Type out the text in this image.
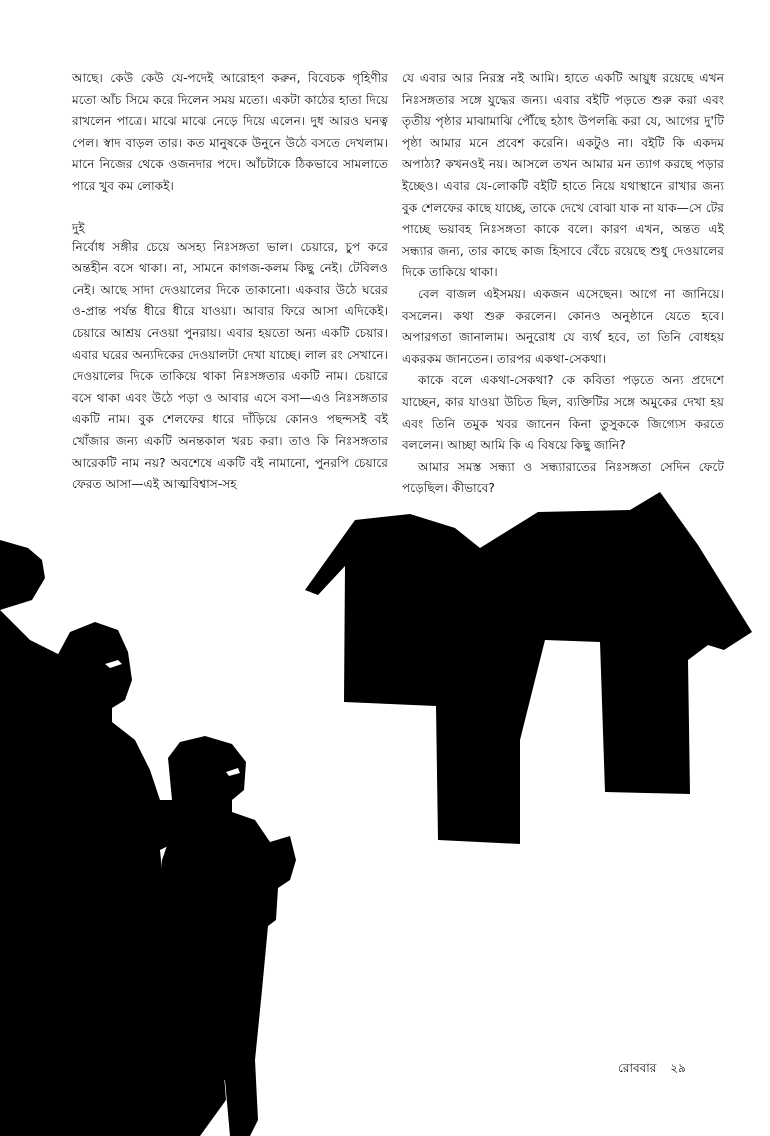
আছে। কেউ কেউ যে-পদেই আরোহণ করুন, বিবেচক গৃহিণীর মতো আঁচ সিমে করে দিলেন সময় মতো। একটা কাঠের হাতা দিয়ে রাখলেন পাত্রে। মাঝে মাঝে নেড়ে দিয়ে এলেন। দুধ আরও ঘনত্ব পেল। স্বাদ বাড়ল তার। কত মানুষকে উনুনে উঠে বসতে দেখলাম। মানে নিজের থেকে ওজনদার পদে। আঁচটাকে ঠিকভাবে সামলাতে পারে খুব কম লোকই।

দুই

নির্বোধ সঙ্গীর চেয়ে অসহ্য নিঃসঙ্গতা ভাল। চেয়ারে, চুপ করে অন্তহীন বসে থাকা। না, সামনে কাগজ-কলম কিছু নেই। টেবিলও নেই। আছে সাদা দেওয়ালের দিকে তাকানো। একবার উঠে ঘরের ও-প্রান্ত পর্যন্ত ধীরে ধীরে যাওয়া। আবার ফিরে আসা এদিকেই। চেয়ারে আশ্রয় নেওয়া পুনরায়। এবার হয়তো অন্য একটি চেয়ার। এবার ঘরের অন্যদিকের দেওয়ালটা দেখা যাচ্ছে। লাল রং সেখানে। দেওয়ালের দিকে তাকিয়ে থাকা নিঃসঙ্গতার একটি নাম। চেয়ারে বসে থাকা এবং উঠে পড়া ও আবার এসে বসা—এও নিঃসঙ্গতার একটি নাম। বুক শেলফের ধারে দাঁড়িয়ে কোনও পছন্দসই বই খোঁজার জন্য একটি অনন্তকাল খরচ করা। তাও কি নিঃসঙ্গতার আরেকটি নাম নয়? অবশেষে একটি বই নামানো, পুনরপি চেয়ারে ফেরত আসা—এই আত্মবিশ্বাস-সহ

যে এবার আর নিরস্ত্র নই আমি। হাতে একটি আয়ুধ রয়েছে এখন নিঃসঙ্গতার সঙ্গে যুদ্ধের জন্য। এবার বইটি পড়তে শুরু করা এবং তৃতীয় পৃষ্ঠার মাঝামাঝি পৌঁছে হঠাৎ উপলব্ধি করা যে, আগের দু'টি পৃষ্ঠা আমার মনে প্রবেশ করেনি। একটুও না। বইটি কি একদম অপাঠ্য? কখনওই নয়। আসলে তখন আমার মন ত্যাগ করছে পড়ার ইচ্ছেও। এবার যে-লোকটি বইটি হাতে নিয়ে যথাস্থানে রাখার জন্য বুক শেলফের কাছে যাচ্ছে, তাকে দেখে বোঝা যাক না যাক—সে টের পাচ্ছে ভয়াবহ নিঃসঙ্গতা কাকে বলে। কারণ এখন, অন্তত এই সন্ধ্যার জন্য, তার কাছে কাজ হিসাবে বেঁচে রয়েছে শুধু দেওয়ালের দিকে তাকিয়ে থাকা।

বেল বাজল এইসময়। একজন এসেছেন। আগে না জানিয়ে। বসলেন। কথা শুরু করলেন। কোনও অনুষ্ঠানে যেতে হবে। অপারগতা জানালাম। অনুরোধ যে ব্যর্থ হবে, তা তিনি বোধহয় একরকম জানতেন। তারপর একথা-সেকথা।

কাকে বলে একথা-সেকথা? কে কবিতা পড়তে অন্য প্রদেশে যাচ্ছেন, কার যাওয়া উচিত ছিল, ব্যক্তিটির সঙ্গে অমুকের দেখা হয় এবং তিনি তমুক খবর জানেন কিনা তুসুককে জিগ্যেস করতে বললেন। আচ্ছা আমি কি এ বিষয়ে কিছু জানি?

আমার সমস্ত সন্ধ্যা ও সন্ধ্যারাতের নিঃসঙ্গতা সেদিন ফেটে পড়েছিল। কীভাবে?

রোববার ২৯
